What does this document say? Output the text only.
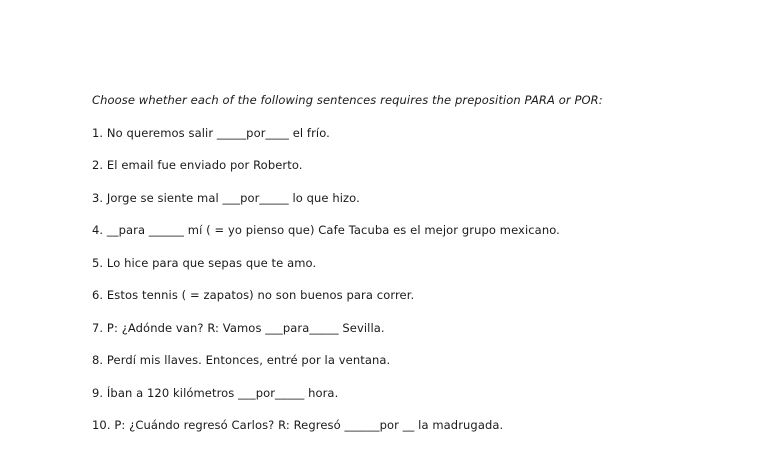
Choose whether each of the following sentences requires the preposition PARA or POR:

1. No queremos salir _____por____ el frío.
2. El email fue enviado por Roberto.
3. Jorge se siente mal ___por_____ lo que hizo.
4. __para ______ mí ( = yo pienso que) Cafe Tacuba es el mejor grupo mexicano.
5. Lo hice para que sepas que te amo.
6. Estos tennis ( = zapatos) no son buenos para correr.
7. P: ¿Adónde van? R: Vamos ___para_____ Sevilla.
8. Perdí mis llaves. Entonces, entré por la ventana.
9. Íban a 120 kilómetros ___por_____ hora.
10. P: ¿Cuándo regresó Carlos? R: Regresó ______por __ la madrugada.
